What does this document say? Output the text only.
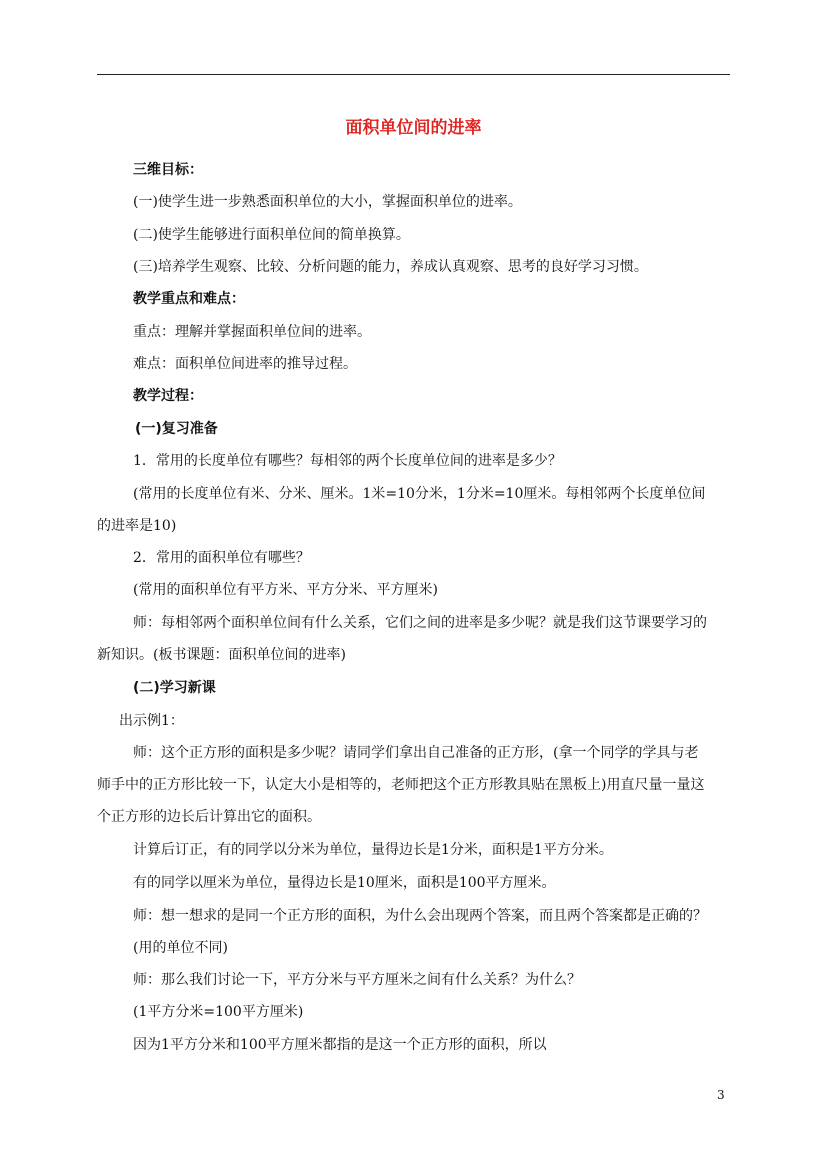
面积单位间的进率
三维目标：
(一)使学生进一步熟悉面积单位的大小，掌握面积单位的进率。
(二)使学生能够进行面积单位间的简单换算。
(三)培养学生观察、比较、分析问题的能力，养成认真观察、思考的良好学习习惯。
教学重点和难点：
重点：理解并掌握面积单位间的进率。
难点：面积单位间进率的推导过程。
教学过程：
(一)复习准备
1．常用的长度单位有哪些？每相邻的两个长度单位间的进率是多少？
(常用的长度单位有米、分米、厘米。1米=10分米，1分米=10厘米。每相邻两个长度单位间
的进率是10)
2．常用的面积单位有哪些？
(常用的面积单位有平方米、平方分米、平方厘米)
师：每相邻两个面积单位间有什么关系，它们之间的进率是多少呢？就是我们这节课要学习的
新知识。(板书课题：面积单位间的进率)
(二)学习新课
出示例1：
师：这个正方形的面积是多少呢？请同学们拿出自己准备的正方形，(拿一个同学的学具与老
师手中的正方形比较一下，认定大小是相等的，老师把这个正方形教具贴在黑板上)用直尺量一量这
个正方形的边长后计算出它的面积。
计算后订正，有的同学以分米为单位，量得边长是1分米，面积是1平方分米。
有的同学以厘米为单位，量得边长是10厘米，面积是100平方厘米。
师：想一想求的是同一个正方形的面积，为什么会出现两个答案，而且两个答案都是正确的？
(用的单位不同)
师：那么我们讨论一下，平方分米与平方厘米之间有什么关系？为什么？
(1平方分米=100平方厘米)
因为1平方分米和100平方厘米都指的是这一个正方形的面积，所以
3
